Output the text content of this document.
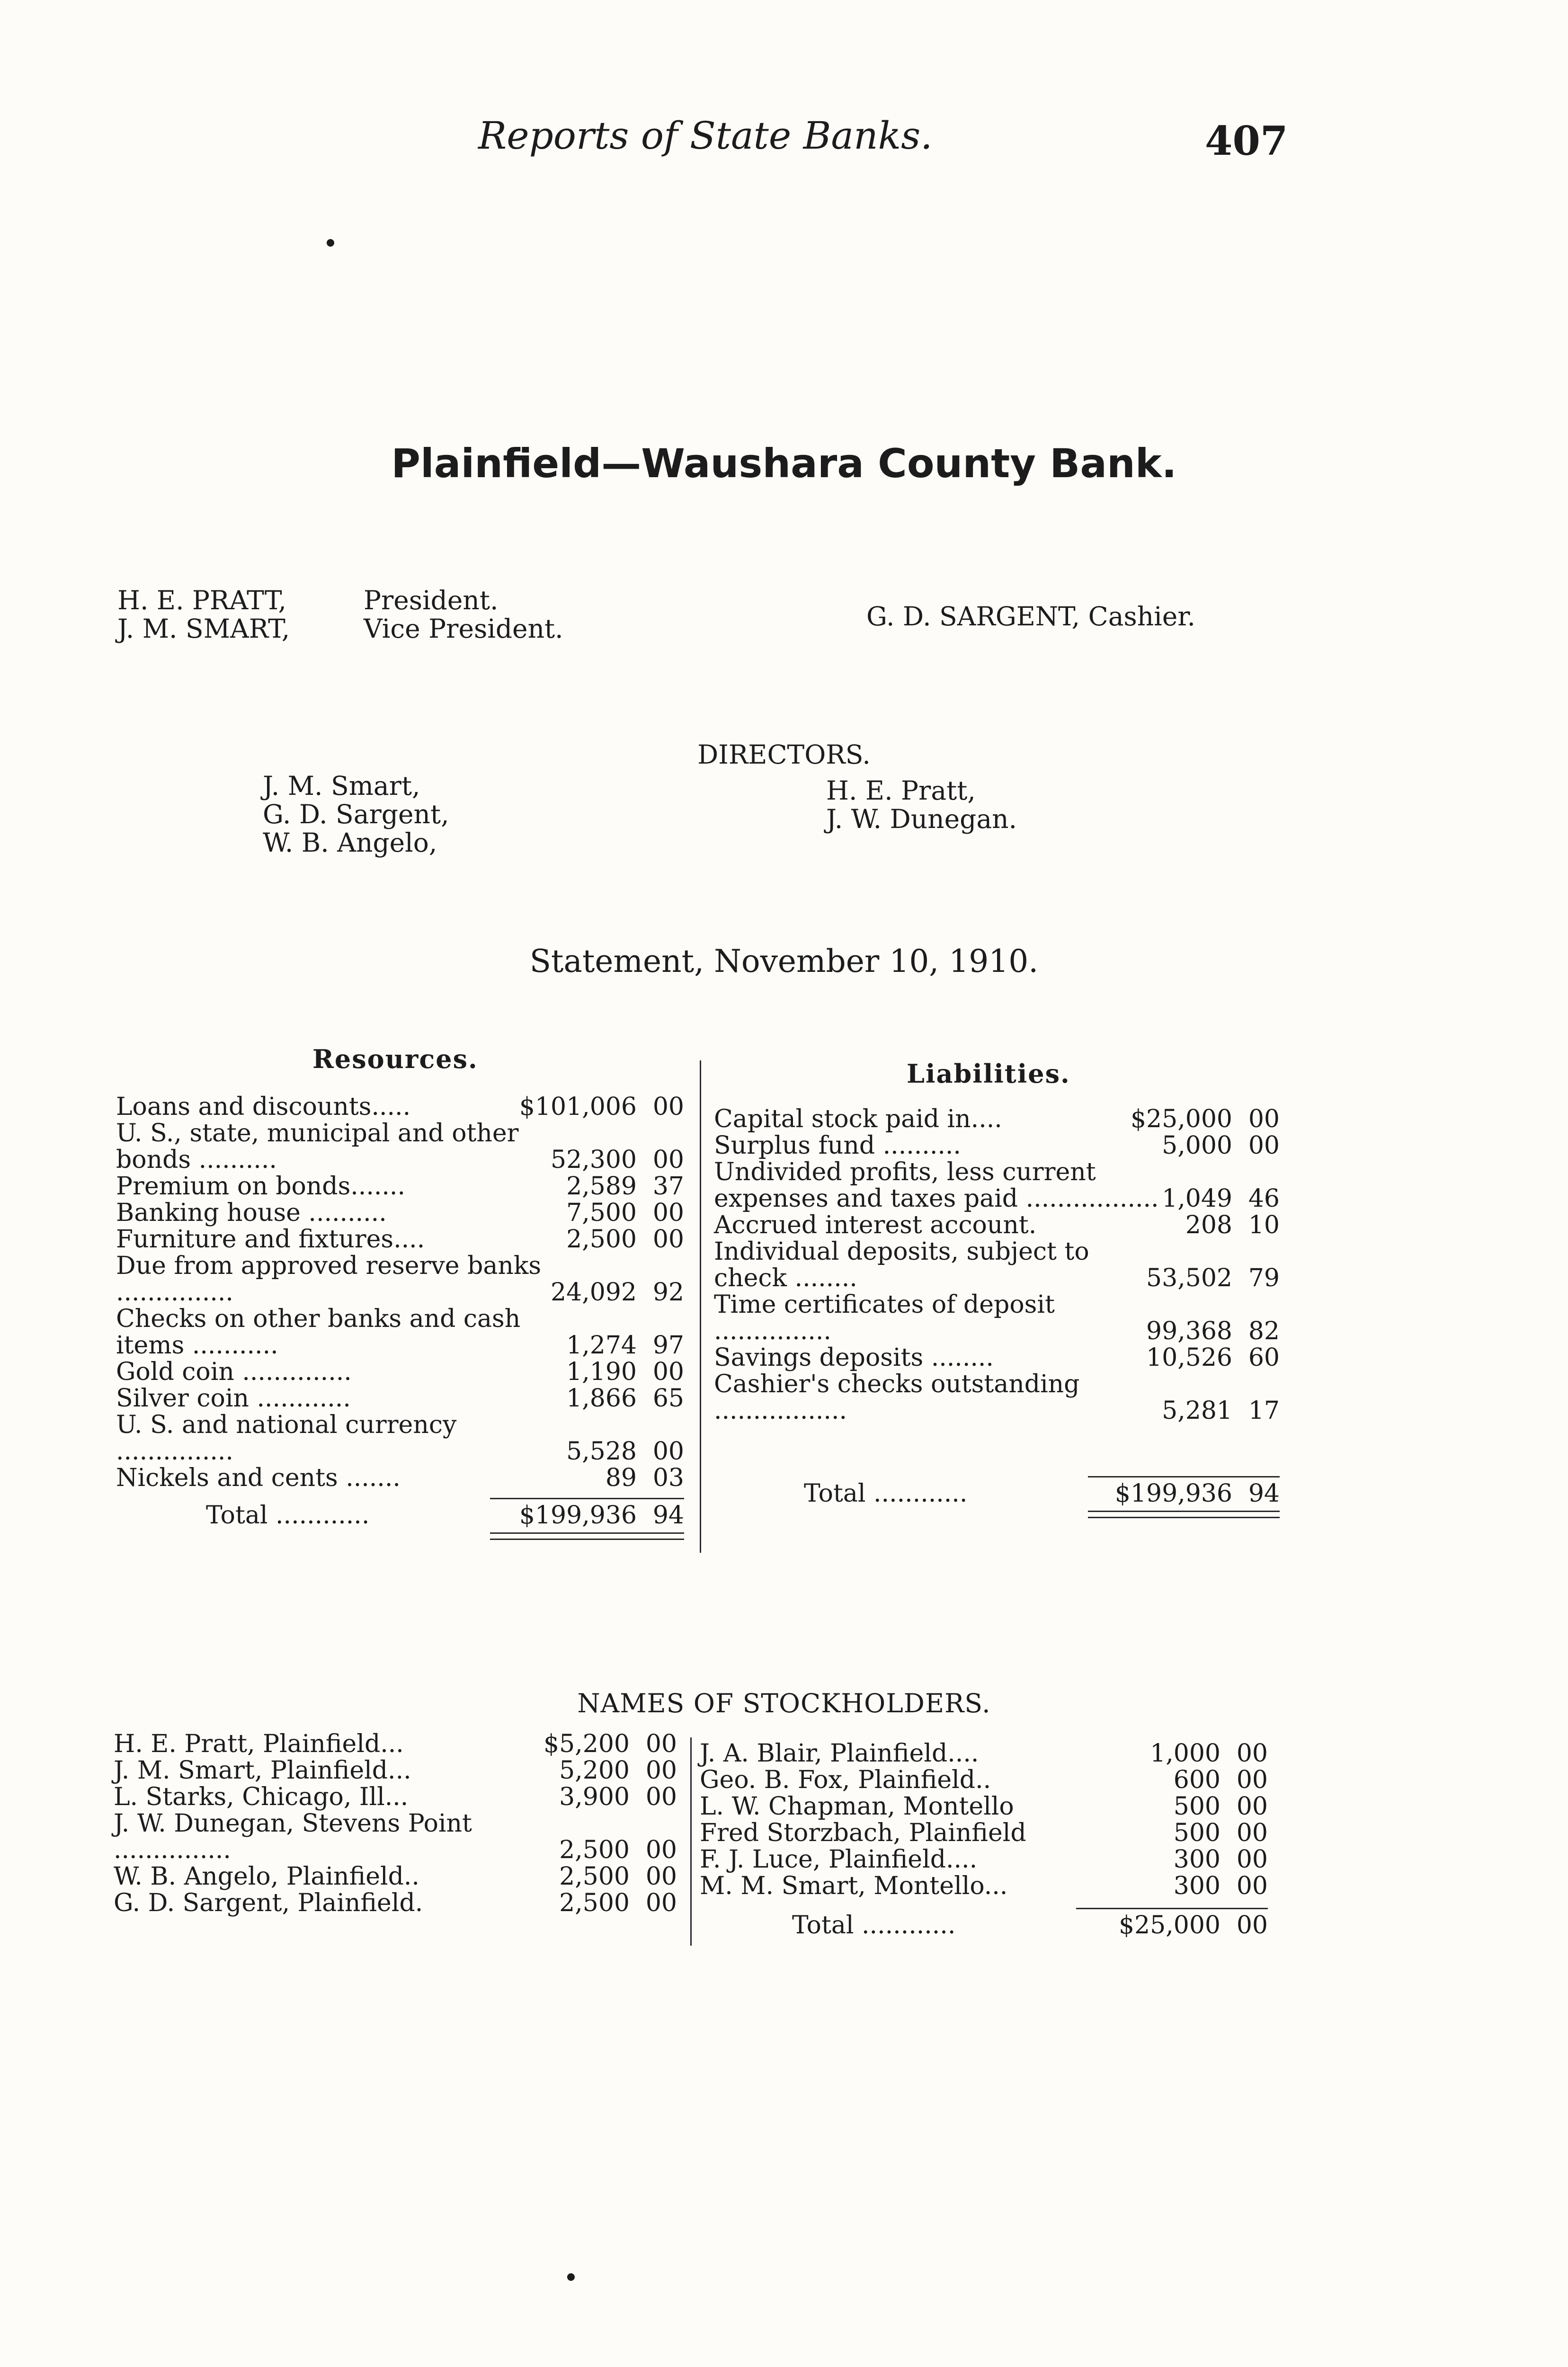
Reports of State Banks.	407
Plainfield—Waushara County Bank.
H. E. PRATT,	President.
J. M. SMART,	Vice President.	G. D. SARGENT, Cashier.
DIRECTORS.
J. M. Smart,
G. D. Sargent,
W. B. Angelo,
H. E. Pratt,
J. W. Dunegan.
Statement, November 10, 1910.
Resources.
Loans and discounts.....	$101,006 00
U. S., state, municipal and other bonds ..........	52,300 00
Premium on bonds.......	2,589 37
Banking house ..........	7,500 00
Furniture and fixtures....	2,500 00
Due from approved reserve banks ...............	24,092 92
Checks on other banks and cash items ...........	1,274 97
Gold coin ..............	1,190 00
Silver coin ............	1,866 65
U. S. and national currency ...............	5,528 00
Nickels and cents .......	89 03
Total ............	$199,936 94
Liabilities.
Capital stock paid in....	$25,000 00
Surplus fund ..........	5,000 00
Undivided profits, less current expenses and taxes paid ................. 1,049 46
Accrued interest account.	208 10
Individual deposits, subject to check ........	53,502 79
Time certificates of deposit ...............	99,368 82
Savings deposits ........	10,526 60
Cashier's checks outstanding .................	5,281 17
Total ............	$199,936 94
NAMES OF STOCKHOLDERS.
H. E. Pratt, Plainfield...	$5,200 00
J. M. Smart, Plainfield...	5,200 00
L. Starks, Chicago, Ill...	3,900 00
J. W. Dunegan, Stevens Point ...............	2,500 00
W. B. Angelo, Plainfield..	2,500 00
G. D. Sargent, Plainfield.	2,500 00
J. A. Blair, Plainfield....	1,000 00
Geo. B. Fox, Plainfield..	600 00
L. W. Chapman, Montello	500 00
Fred Storzbach, Plainfield	500 00
F. J. Luce, Plainfield....	300 00
M. M. Smart, Montello...	300 00
Total ............	$25,000 00
